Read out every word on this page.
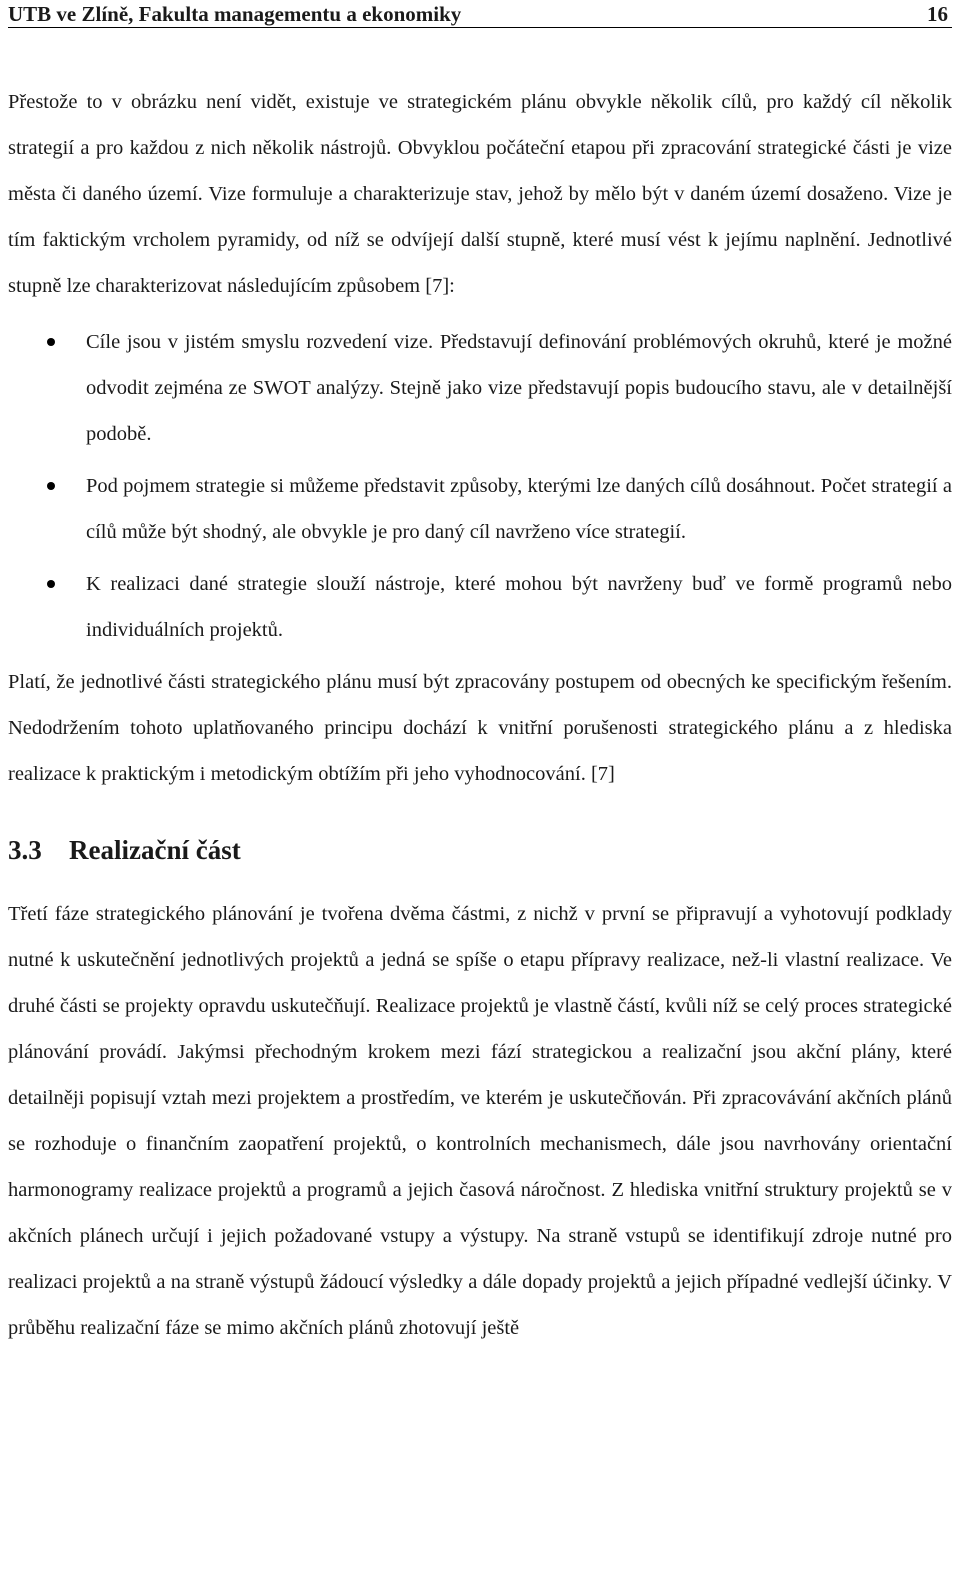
UTB ve Zlíně, Fakulta managementu a ekonomiky	16

Přestože to v obrázku není vidět, existuje ve strategickém plánu obvykle několik cílů, pro každý cíl několik strategií a pro každou z nich několik nástrojů. Obvyklou počáteční etapou při zpracování strategické části je vize města či daného území. Vize formuluje a charakterizuje stav, jehož by mělo být v daném území dosaženo. Vize je tím faktickým vrcholem pyramidy, od níž se odvíjejí další stupně, které musí vést k jejímu naplnění. Jednotlivé stupně lze charakterizovat následujícím způsobem [7]:

Cíle jsou v jistém smyslu rozvedení vize. Představují definování problémových okruhů, které je možné odvodit zejména ze SWOT analýzy. Stejně jako vize představují popis budoucího stavu, ale v detailnější podobě.
Pod pojmem strategie si můžeme představit způsoby, kterými lze daných cílů dosáhnout. Počet strategií a cílů může být shodný, ale obvykle je pro daný cíl navrženo více strategií.
K realizaci dané strategie slouží nástroje, které mohou být navrženy buď ve formě programů nebo individuálních projektů.

Platí, že jednotlivé části strategického plánu musí být zpracovány postupem od obecných ke specifickým řešením. Nedodržením tohoto uplatňovaného principu dochází k vnitřní porušenosti strategického plánu a z hlediska realizace k praktickým i metodickým obtížím při jeho vyhodnocování. [7]

3.3	Realizační část

Třetí fáze strategického plánování je tvořena dvěma částmi, z nichž v první se připravují a vyhotovují podklady nutné k uskutečnění jednotlivých projektů a jedná se spíše o etapu přípravy realizace, než-li vlastní realizace. Ve druhé části se projekty opravdu uskutečňují. Realizace projektů je vlastně částí, kvůli níž se celý proces strategické plánování provádí. Jakýmsi přechodným krokem mezi fází strategickou a realizační jsou akční plány, které detailněji popisují vztah mezi projektem a prostředím, ve kterém je uskutečňován. Při zpracovávání akčních plánů se rozhoduje o finančním zaopatření projektů, o kontrolních mechanismech, dále jsou navrhovány orientační harmonogramy realizace projektů a programů a jejich časová náročnost. Z hlediska vnitřní struktury projektů se v akčních plánech určují i jejich požadované vstupy a výstupy. Na straně vstupů se identifikují zdroje nutné pro realizaci projektů a na straně výstupů žádoucí výsledky a dále dopady projektů a jejich případné vedlejší účinky. V průběhu realizační fáze se mimo akčních plánů zhotovují ještě
